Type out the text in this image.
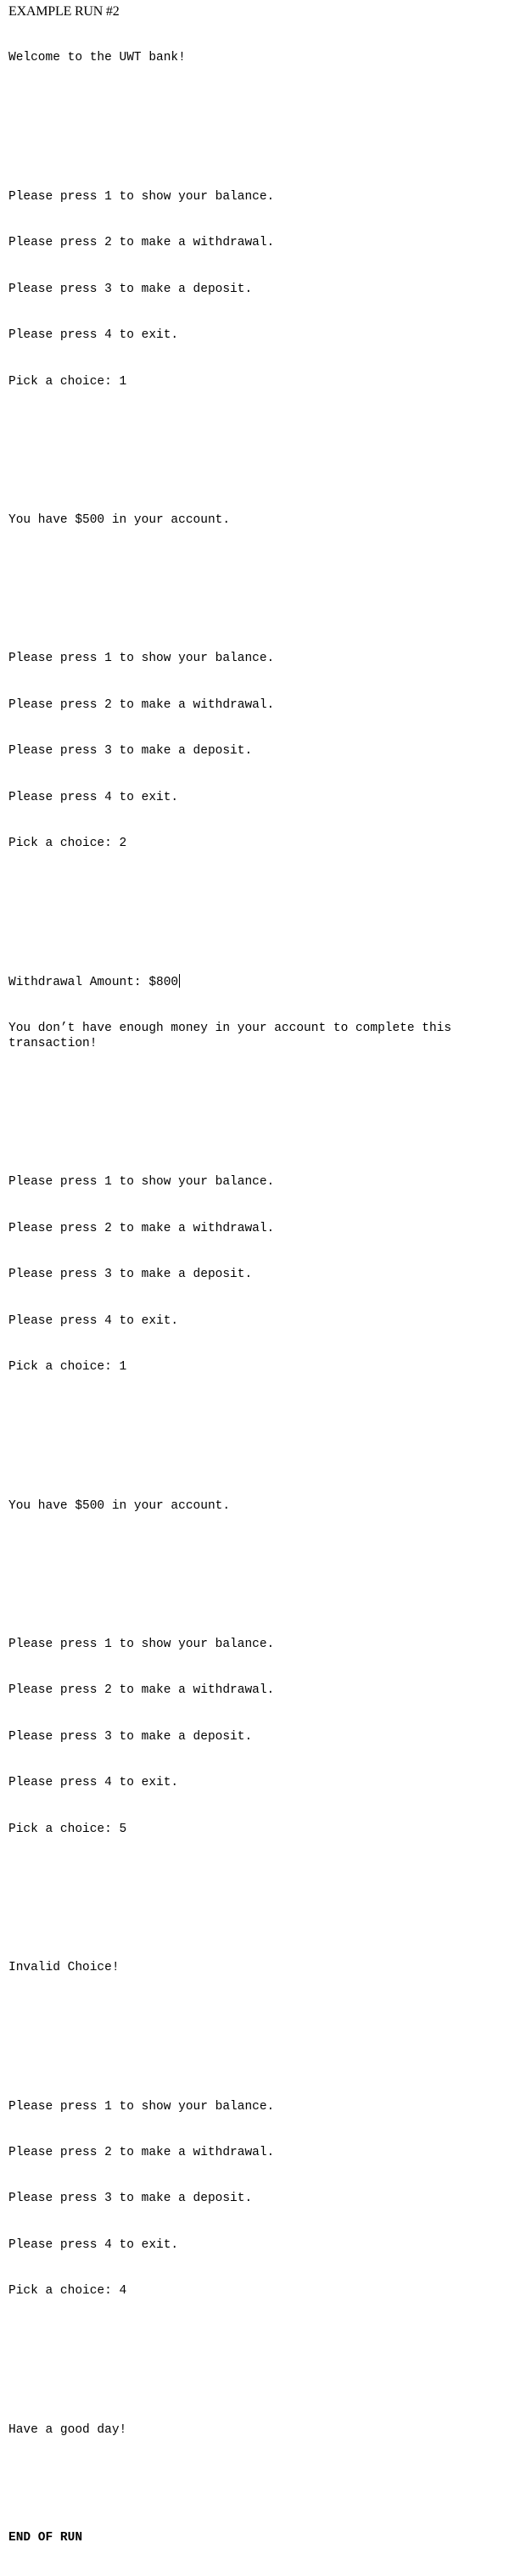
EXAMPLE RUN #2

Welcome to the UWT bank!

Please press 1 to show your balance.

Please press 2 to make a withdrawal.

Please press 3 to make a deposit.

Please press 4 to exit.

Pick a choice: 1

You have $500 in your account.

Please press 1 to show your balance.

Please press 2 to make a withdrawal.

Please press 3 to make a deposit.

Please press 4 to exit.

Pick a choice: 2

Withdrawal Amount: $800

You don’t have enough money in your account to complete this transaction!

Please press 1 to show your balance.

Please press 2 to make a withdrawal.

Please press 3 to make a deposit.

Please press 4 to exit.

Pick a choice: 1

You have $500 in your account.

Please press 1 to show your balance.

Please press 2 to make a withdrawal.

Please press 3 to make a deposit.

Please press 4 to exit.

Pick a choice: 5

Invalid Choice!

Please press 1 to show your balance.

Please press 2 to make a withdrawal.

Please press 3 to make a deposit.

Please press 4 to exit.

Pick a choice: 4

Have a good day!

END OF RUN
